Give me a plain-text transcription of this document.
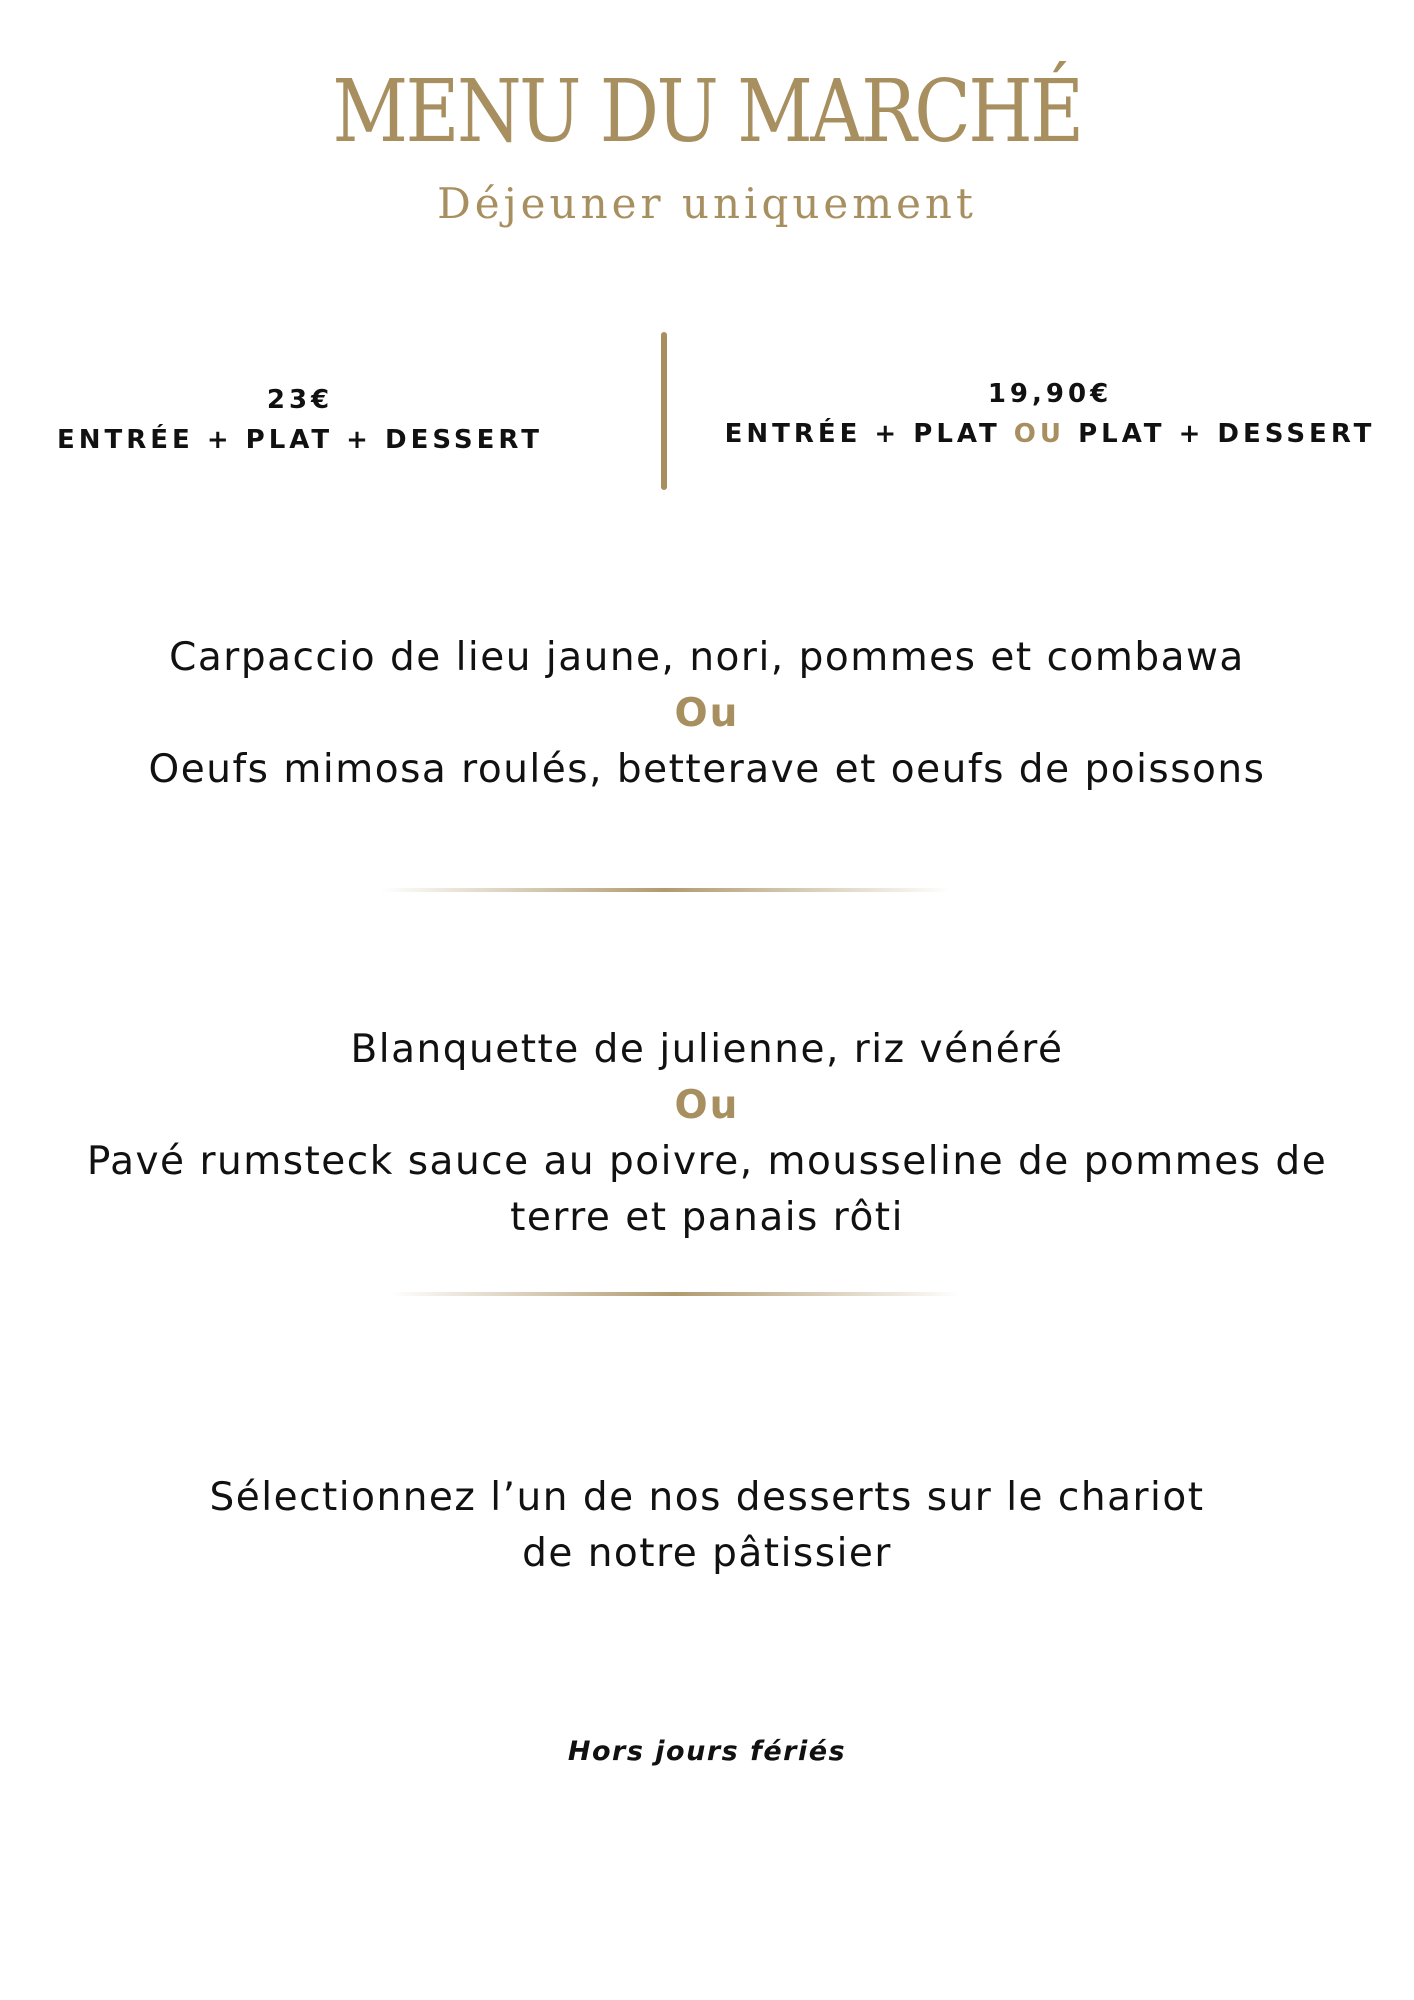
MENU DU MARCHÉ
Déjeuner uniquement
23€
ENTRÉE + PLAT + DESSERT
19,90€
ENTRÉE + PLAT OU PLAT + DESSERT
Carpaccio de lieu jaune, nori, pommes et combawa
Ou
Oeufs mimosa roulés, betterave et oeufs de poissons
Blanquette de julienne, riz vénéré
Ou
Pavé rumsteck sauce au poivre, mousseline de pommes de terre et panais rôti
Sélectionnez l’un de nos desserts sur le chariot
de notre pâtissier
Hors jours fériés
